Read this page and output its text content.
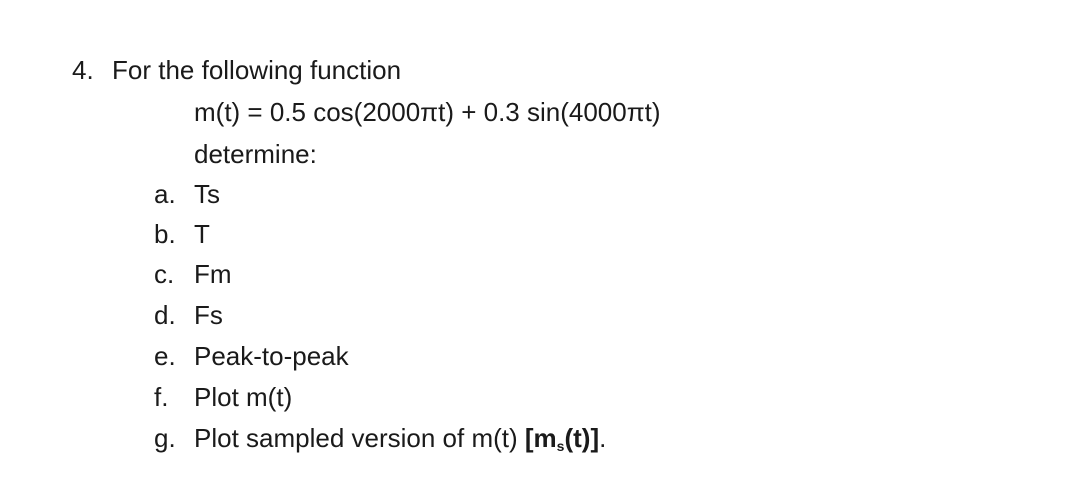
4. For the following function
m(t) = 0.5 cos(2000πt) + 0.3 sin(4000πt)
determine:
a. Ts
b. T
c. Fm
d. Fs
e. Peak-to-peak
f. Plot m(t)
g. Plot sampled version of m(t) [ms(t)].
